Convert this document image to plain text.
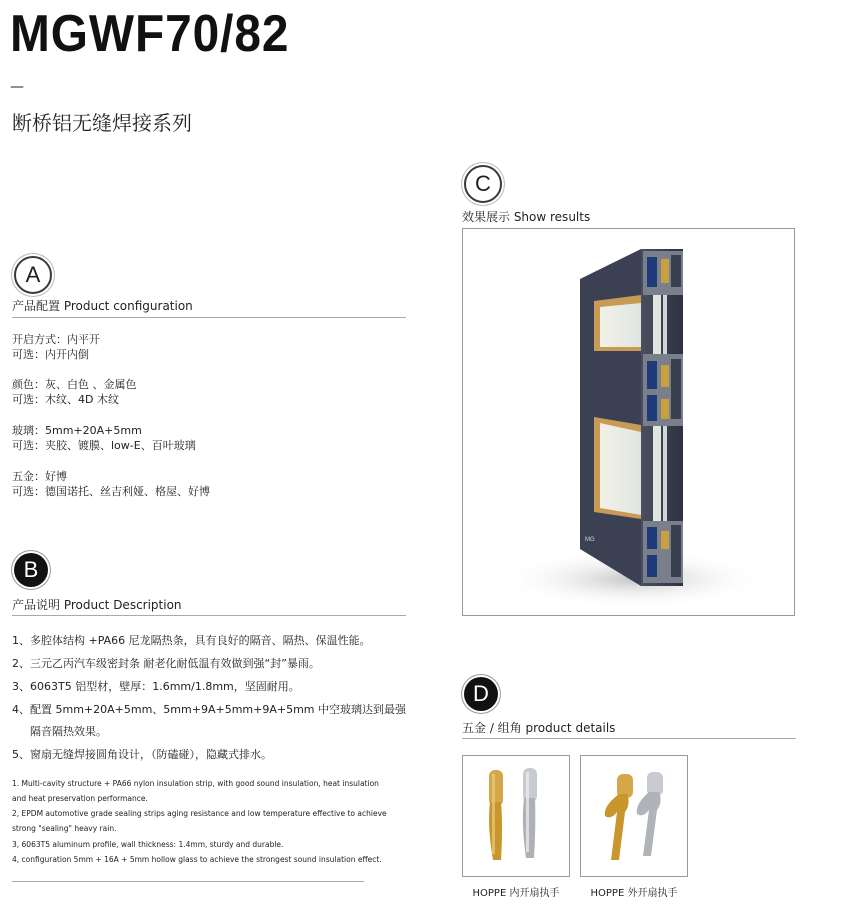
MGWF70/82
—
断桥铝无缝焊接系列
A
产品配置 Product configuration
开启方式：内平开
可选：内开内倒
颜色：灰、白色 、金属色
可选：木纹、4D 木纹
玻璃：5mm+20A+5mm
可选：夹胶、镀膜、low-E、百叶玻璃
五金：好博
可选：德国诺托、丝吉利娅、格屋、好博
B
产品说明 Product Description
1、多腔体结构 +PA66 尼龙隔热条，具有良好的隔音、隔热、保温性能。
2、三元乙丙汽车级密封条 耐老化耐低温有效做到强“封”暴雨。
3、6063T5 铝型材，壁厚：1.6mm/1.8mm，坚固耐用。
4、配置 5mm+20A+5mm、5mm+9A+5mm+9A+5mm 中空玻璃达到最强
隔音隔热效果。
5、窗扇无缝焊接圆角设计，（防磕碰），隐藏式排水。
1. Multi-cavity structure + PA66 nylon insulation strip, with good sound insulation, heat insulation
and heat preservation performance.
2, EPDM automotive grade sealing strips aging resistance and low temperature effective to achieve
strong "sealing" heavy rain.
3, 6063T5 aluminum profile, wall thickness: 1.4mm, sturdy and durable.
4, configuration 5mm + 16A + 5mm hollow glass to achieve the strongest sound insulation effect.
C
效果展示 Show results
MG
D
五金 / 组角 product details
HOPPE 内开扇执手	HOPPE 外开扇执手
